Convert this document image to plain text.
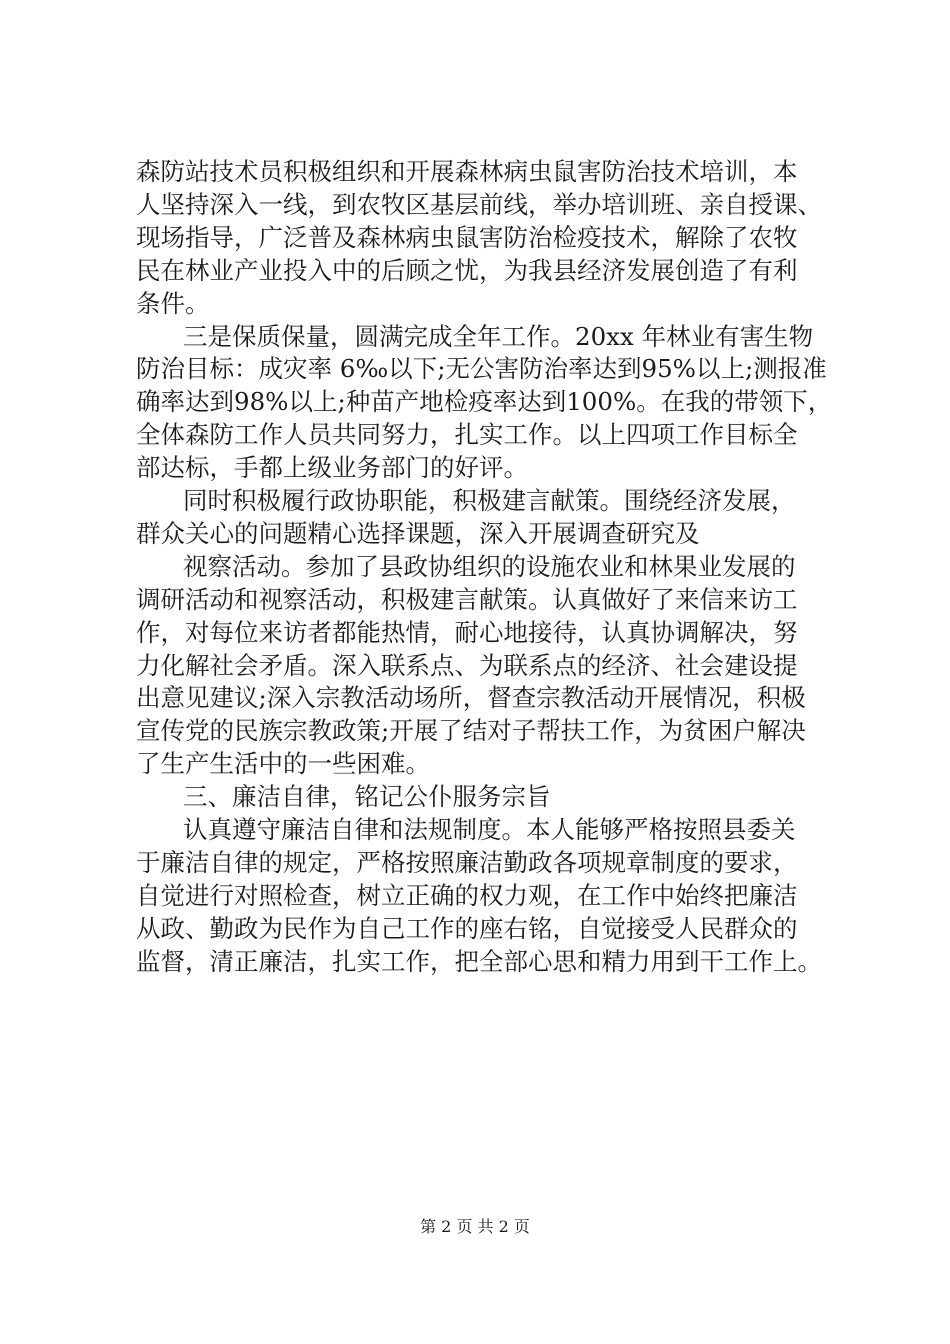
森防站技术员积极组织和开展森林病虫鼠害防治技术培训，本
人坚持深入一线，到农牧区基层前线，举办培训班、亲自授课、
现场指导，广泛普及森林病虫鼠害防治检疫技术，解除了农牧
民在林业产业投入中的后顾之忧，为我县经济发展创造了有利
条件。
三是保质保量，圆满完成全年工作。20xx 年林业有害生物
防治目标：成灾率 6‰以下;无公害防治率达到95%以上;测报准
确率达到98%以上;种苗产地检疫率达到100%。在我的带领下，
全体森防工作人员共同努力，扎实工作。以上四项工作目标全
部达标，手都上级业务部门的好评。
同时积极履行政协职能，积极建言献策。围绕经济发展，
群众关心的问题精心选择课题，深入开展调查研究及
视察活动。参加了县政协组织的设施农业和林果业发展的
调研活动和视察活动，积极建言献策。认真做好了来信来访工
作，对每位来访者都能热情，耐心地接待，认真协调解决，努
力化解社会矛盾。深入联系点、为联系点的经济、社会建设提
出意见建议;深入宗教活动场所，督查宗教活动开展情况，积极
宣传党的民族宗教政策;开展了结对子帮扶工作，为贫困户解决
了生产生活中的一些困难。
三、廉洁自律，铭记公仆服务宗旨
认真遵守廉洁自律和法规制度。本人能够严格按照县委关
于廉洁自律的规定，严格按照廉洁勤政各项规章制度的要求，
自觉进行对照检查，树立正确的权力观，在工作中始终把廉洁
从政、勤政为民作为自己工作的座右铭，自觉接受人民群众的
监督，清正廉洁，扎实工作，把全部心思和精力用到干工作上。
第 2 页 共 2 页
